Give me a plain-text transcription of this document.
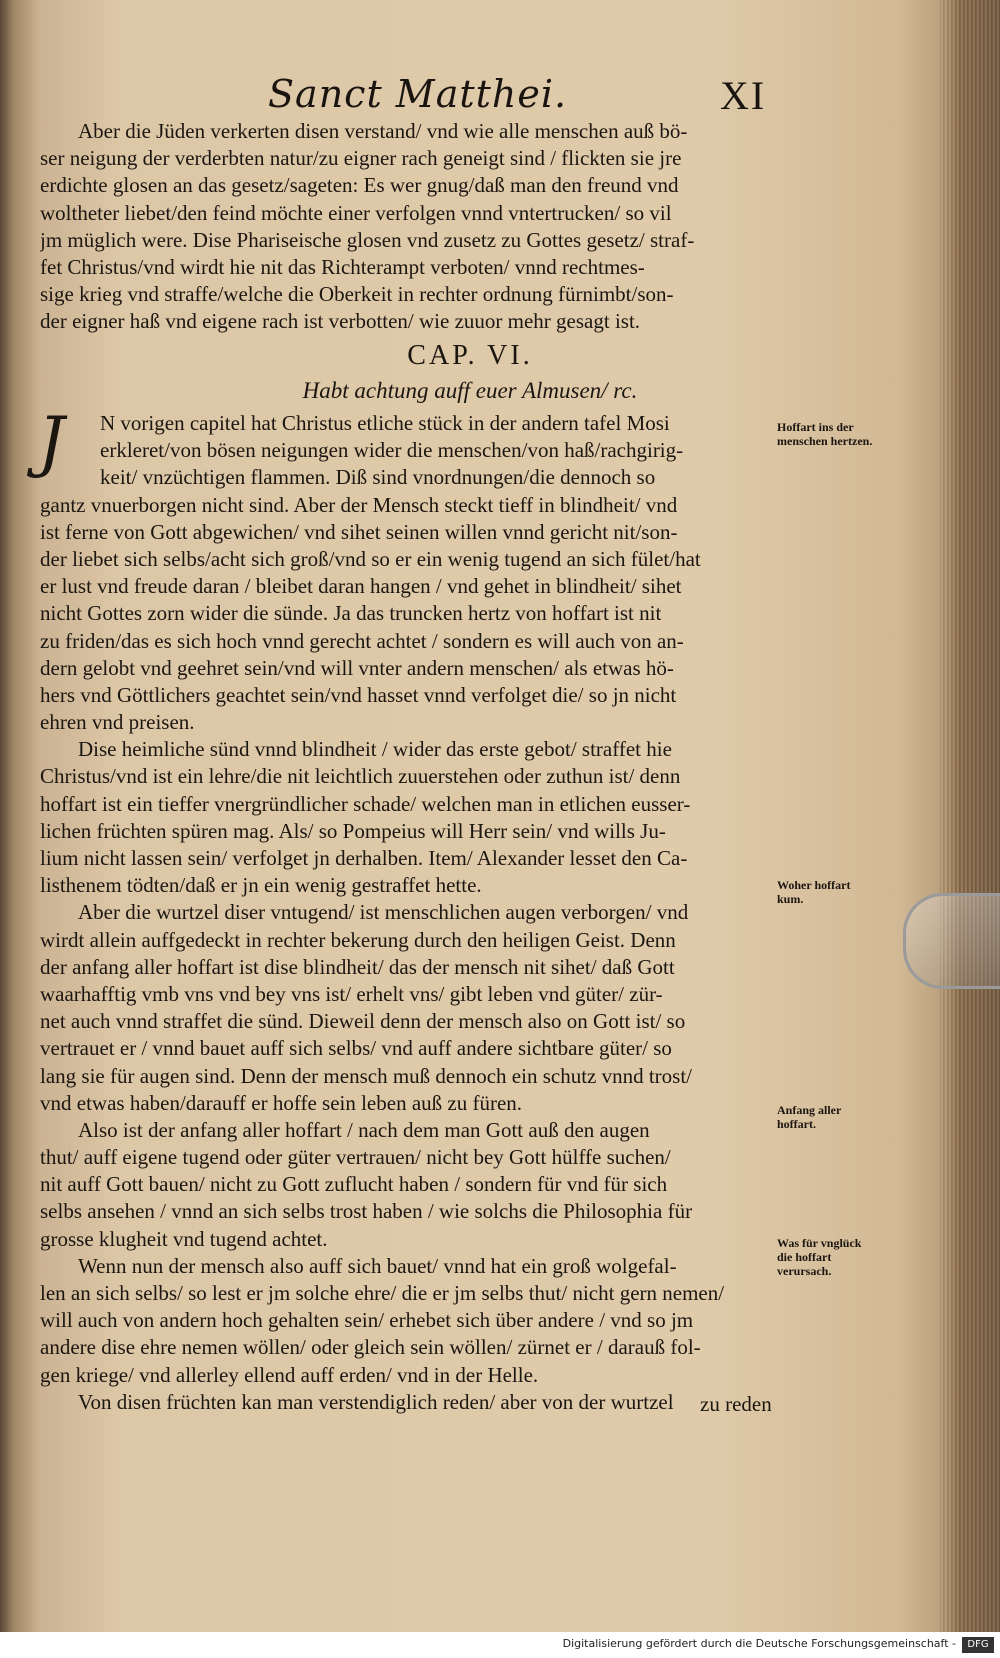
Sanct Matthei.	XI
Aber die Jüden verkerten disen verstand/ vnd wie alle menschen auß bö-
ser neigung der verderbten natur/zu eigner rach geneigt sind / flickten sie jre
erdichte glosen an das gesetz/sageten: Es wer gnug/daß man den freund vnd
woltheter liebet/den feind möchte einer verfolgen vnnd vntertrucken/ so vil
jm müglich were. Dise Phariseische glosen vnd zusetz zu Gottes gesetz/ straf-
fet Christus/vnd wirdt hie nit das Richterampt verboten/ vnnd rechtmes-
sige krieg vnd straffe/welche die Oberkeit in rechter ordnung fürnimbt/son-
der eigner haß vnd eigene rach ist verbotten/ wie zuuor mehr gesagt ist.
CAP. VI.
Habt achtung auff euer Almusen/ rc.
J	N vorigen capitel hat Christus etliche stück in der andern tafel Mosi
erkleret/von bösen neigungen wider die menschen/von haß/rachgirig-
keit/ vnzüchtigen flammen. Diß sind vnordnungen/die dennoch so
gantz vnuerborgen nicht sind. Aber der Mensch steckt tieff in blindheit/ vnd
ist ferne von Gott abgewichen/ vnd sihet seinen willen vnnd gericht nit/son-
der liebet sich selbs/acht sich groß/vnd so er ein wenig tugend an sich fület/hat
er lust vnd freude daran / bleibet daran hangen / vnd gehet in blindheit/ sihet
nicht Gottes zorn wider die sünde. Ja das truncken hertz von hoffart ist nit
zu friden/das es sich hoch vnnd gerecht achtet / sondern es will auch von an-
dern gelobt vnd geehret sein/vnd will vnter andern menschen/ als etwas hö-
hers vnd Göttlichers geachtet sein/vnd hasset vnnd verfolget die/ so jn nicht
ehren vnd preisen.
Dise heimliche sünd vnnd blindheit / wider das erste gebot/ straffet hie
Christus/vnd ist ein lehre/die nit leichtlich zuuerstehen oder zuthun ist/ denn
hoffart ist ein tieffer vnergründlicher schade/ welchen man in etlichen eusser-
lichen früchten spüren mag. Als/ so Pompeius will Herr sein/ vnd wills Ju-
lium nicht lassen sein/ verfolget jn derhalben. Item/ Alexander lesset den Ca-
listhenem tödten/daß er jn ein wenig gestraffet hette.
Aber die wurtzel diser vntugend/ ist menschlichen augen verborgen/ vnd
wirdt allein auffgedeckt in rechter bekerung durch den heiligen Geist. Denn
der anfang aller hoffart ist dise blindheit/ das der mensch nit sihet/ daß Gott
waarhafftig vmb vns vnd bey vns ist/ erhelt vns/ gibt leben vnd güter/ zür-
net auch vnnd straffet die sünd. Dieweil denn der mensch also on Gott ist/ so
vertrauet er / vnnd bauet auff sich selbs/ vnd auff andere sichtbare güter/ so
lang sie für augen sind. Denn der mensch muß dennoch ein schutz vnnd trost/
vnd etwas haben/darauff er hoffe sein leben auß zu füren.
Also ist der anfang aller hoffart / nach dem man Gott auß den augen
thut/ auff eigene tugend oder güter vertrauen/ nicht bey Gott hülffe suchen/
nit auff Gott bauen/ nicht zu Gott zuflucht haben / sondern für vnd für sich
selbs ansehen / vnnd an sich selbs trost haben / wie solchs die Philosophia für
grosse klugheit vnd tugend achtet.
Wenn nun der mensch also auff sich bauet/ vnnd hat ein groß wolgefal-
len an sich selbs/ so lest er jm solche ehre/ die er jm selbs thut/ nicht gern nemen/
will auch von andern hoch gehalten sein/ erhebet sich über andere / vnd so jm
andere dise ehre nemen wöllen/ oder gleich sein wöllen/ zürnet er / darauß fol-
gen kriege/ vnd allerley ellend auff erden/ vnd in der Helle.
Von disen früchten kan man verstendiglich reden/ aber von der wurtzel	zu reden
Hoffart ins der menschen hertzen.
Woher hoffart kum.
Anfang aller hoffart.
Was für vnglück die hoffart verursach.
Digitalisierung gefördert durch die Deutsche Forschungsgemeinschaft -	DFG
